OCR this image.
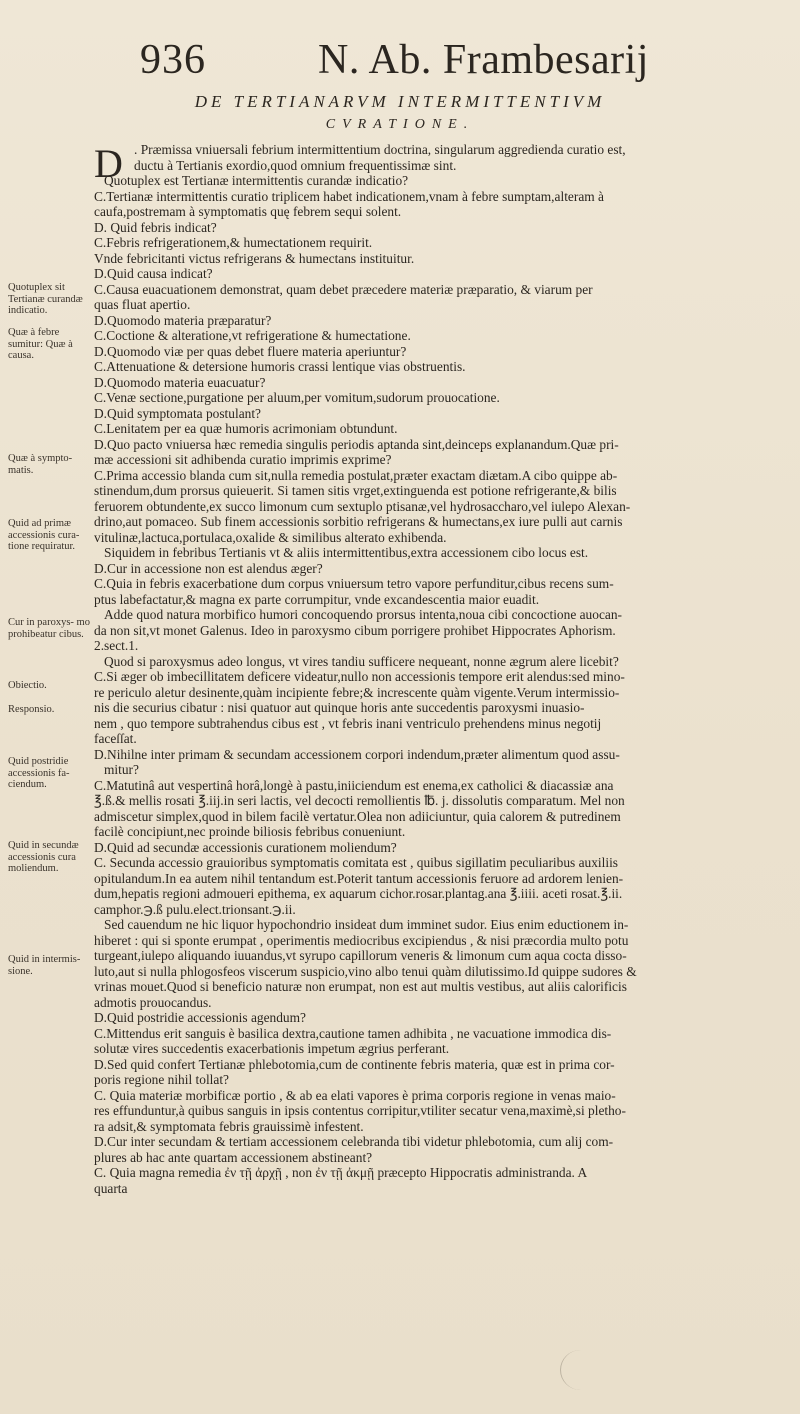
936	N. Ab. Frambesarij
DE TERTIANARVM INTERMITTENTIVM
CVRATIONE.
D . Præmissa vniuersali febrium intermittentium doctrina, singularum aggredienda curatio est,
ductu à Tertianis exordio,quod omnium frequentissimæ sint.
Quotuplex est Tertianæ intermittentis curandæ indicatio?
C.Tertianæ intermittentis curatio triplicem habet indicationem,vnam à febre sumptam,alteram à
caufa,postremam à symptomatis quę febrem sequi solent.
D. Quid febris indicat?
C.Febris refrigerationem,& humectationem requirit.
Vnde febricitanti victus refrigerans & humectans instituitur.
D.Quid causa indicat?
C.Causa euacuationem demonstrat, quam debet præcedere materiæ præparatio, & viarum per
quas fluat apertio.
D.Quomodo materia præparatur?
C.Coctione & alteratione,vt refrigeratione & humectatione.
D.Quomodo viæ per quas debet fluere materia aperiuntur?
C.Attenuatione & detersione humoris crassi lentique vias obstruentis.
D.Quomodo materia euacuatur?
C.Venæ sectione,purgatione per aluum,per vomitum,sudorum prouocatione.
D.Quid symptomata postulant?
C.Lenitatem per ea quæ humoris acrimoniam obtundunt.
D.Quo pacto vniuersa hæc remedia singulis periodis aptanda sint,deinceps explanandum.Quæ pri-
mæ accessioni sit adhibenda curatio imprimis exprime?
C.Prima accessio blanda cum sit,nulla remedia postulat,præter exactam diætam.A cibo quippe ab-
stinendum,dum prorsus quieuerit. Si tamen sitis vrget,extinguenda est potione refrigerante,& bilis
feruorem obtundente,ex succo limonum cum sextuplo ptisanæ,vel hydrosaccharo,vel iulepo Alexan-
drino,aut pomaceo. Sub finem accessionis sorbitio refrigerans & humectans,ex iure pulli aut carnis
vitulinæ,lactuca,portulaca,oxalide & similibus alterato exhibenda.
Siquidem in febribus Tertianis vt & aliis intermittentibus,extra accessionem cibo locus est.
D.Cur in accessione non est alendus æger?
C.Quia in febris exacerbatione dum corpus vniuersum tetro vapore perfunditur,cibus recens sum-
ptus labefactatur,& magna ex parte corrumpitur, vnde excandescentia maior euadit.
Adde quod natura morbifico humori concoquendo prorsus intenta,noua cibi concoctione auocan-
da non sit,vt monet Galenus. Ideo in paroxysmo cibum porrigere prohibet Hippocrates Aphorism.
2.sect.1.
Quod si paroxysmus adeo longus, vt vires tandiu sufficere nequeant, nonne ægrum alere licebit?
C.Si æger ob imbecillitatem deficere videatur,nullo non accessionis tempore erit alendus:sed mino-
re periculo aletur desinente,quàm incipiente febre;& increscente quàm vigente.Verum intermissio-
nis die securius cibatur : nisi quatuor aut quinque horis ante succedentis paroxysmi inuasio-
nem , quo tempore subtrahendus cibus est , vt febris inani ventriculo prehendens minus negotij
faceſſat.
D.Nihilne inter primam & secundam accessionem corpori indendum,præter alimentum quod assu-
mitur?
C.Matutinâ aut vespertinâ horâ,longè à pastu,iniiciendum est enema,ex catholici & diacassiæ ana
℥.ß.& mellis rosati ℥.iij.in seri lactis, vel decocti remollientis ℔. j. dissolutis comparatum. Mel non
admiscetur simplex,quod in bilem facilè vertatur.Olea non adiiciuntur, quia calorem & putredinem
facilè concipiunt,nec proinde biliosis febribus conueniunt.
D.Quid ad secundæ accessionis curationem moliendum?
C. Secunda accessio grauioribus symptomatis comitata est , quibus sigillatim peculiaribus auxiliis
opitulandum.In ea autem nihil tentandum est.Poterit tantum accessionis feruore ad ardorem lenien-
dum,hepatis regioni admoueri epithema, ex aquarum cichor.rosar.plantag.ana ℥.iiii. aceti rosat.℥.ii.
camphor.℈.ß pulu.elect.trionsant.℈.ii.
Sed cauendum ne hic liquor hypochondrio insideat dum imminet sudor. Eius enim eductionem in-
hiberet : qui si sponte erumpat , operimentis mediocribus excipiendus , & nisi præcordia multo potu
turgeant,iulepo aliquando iuuandus,vt syrupo capillorum veneris & limonum cum aqua cocta disso-
luto,aut si nulla phlogosfeos viscerum suspicio,vino albo tenui quàm dilutissimo.Id quippe sudores &
vrinas mouet.Quod si beneficio naturæ non erumpat, non est aut multis vestibus, aut aliis calorificis
admotis prouocandus.
D.Quid postridie accessionis agendum?
C.Mittendus erit sanguis è basilica dextra,cautione tamen adhibita , ne vacuatione immodica dis-
solutæ vires succedentis exacerbationis impetum ægrius perferant.
D.Sed quid confert Tertianæ phlebotomia,cum de continente febris materia, quæ est in prima cor-
poris regione nihil tollat?
C. Quia materiæ morbificæ portio , & ab ea elati vapores è prima corporis regione in venas maio-
res effunduntur,à quibus sanguis in ipsis contentus corripitur,vtiliter secatur vena,maximè,si pletho-
ra adsit,& symptomata febris grauissimè infestent.
D.Cur inter secundam & tertiam accessionem celebranda tibi videtur phlebotomia, cum alij com-
plures ab hac ante quartam accessionem abstineant?
C. Quia magna remedia ἐν τῇ ἀρχῇ , non ἐν τῇ ἀκμῇ præcepto Hippocratis administranda. A
quarta
Quotuplex sit Tertianæ curandæ indicatio.
Quæ à febre sumitur: Quæ à causa.
Quæ à sympto- matis.
Quid ad primæ accessionis cura- tione requiratur.
Cur in paroxys- mo prohibeatur cibus.
Obiectio.
Responsio.
Quid postridie accessionis fa- ciendum.
Quid in secundæ accessionis cura moliendum.
Quid in intermis- sione.
